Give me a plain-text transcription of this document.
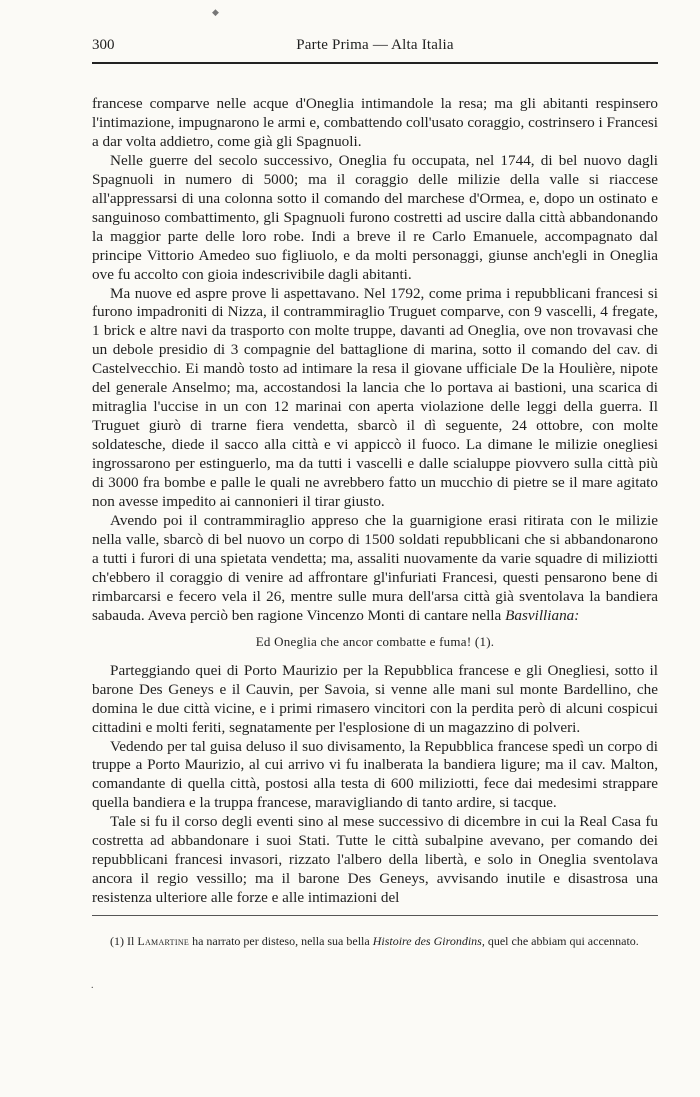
◆
300	Parte Prima — Alta Italia

francese comparve nelle acque d'Oneglia intimandole la resa; ma gli abitanti respinsero l'intimazione, impugnarono le armi e, combattendo coll'usato coraggio, costrinsero i Francesi a dar volta addietro, come già gli Spagnuoli.

Nelle guerre del secolo successivo, Oneglia fu occupata, nel 1744, di bel nuovo dagli Spagnuoli in numero di 5000; ma il coraggio delle milizie della valle si riaccese all'appressarsi di una colonna sotto il comando del marchese d'Ormea, e, dopo un ostinato e sanguinoso combattimento, gli Spagnuoli furono costretti ad uscire dalla città abbandonando la maggior parte delle loro robe. Indi a breve il re Carlo Emanuele, accompagnato dal principe Vittorio Amedeo suo figliuolo, e da molti personaggi, giunse anch'egli in Oneglia ove fu accolto con gioia indescrivibile dagli abitanti.

Ma nuove ed aspre prove li aspettavano. Nel 1792, come prima i repubblicani francesi si furono impadroniti di Nizza, il contrammiraglio Truguet comparve, con 9 vascelli, 4 fregate, 1 brick e altre navi da trasporto con molte truppe, davanti ad Oneglia, ove non trovavasi che un debole presidio di 3 compagnie del battaglione di marina, sotto il comando del cav. di Castelvecchio. Ei mandò tosto ad intimare la resa il giovane ufficiale De la Houlière, nipote del generale Anselmo; ma, accostandosi la lancia che lo portava ai bastioni, una scarica di mitraglia l'uccise in un con 12 marinai con aperta violazione delle leggi della guerra. Il Truguet giurò di trarne fiera vendetta, sbarcò il dì seguente, 24 ottobre, con molte soldatesche, diede il sacco alla città e vi appiccò il fuoco. La dimane le milizie onegliesi ingrossarono per estinguerlo, ma da tutti i vascelli e dalle scialuppe piovvero sulla città più di 3000 fra bombe e palle le quali ne avrebbero fatto un mucchio di pietre se il mare agitato non avesse impedito ai cannonieri il tirar giusto.

Avendo poi il contrammiraglio appreso che la guarnigione erasi ritirata con le milizie nella valle, sbarcò di bel nuovo un corpo di 1500 soldati repubblicani che si abbandonarono a tutti i furori di una spietata vendetta; ma, assaliti nuovamente da varie squadre di miliziotti ch'ebbero il coraggio di venire ad affrontare gl'infuriati Francesi, questi pensarono bene di rimbarcarsi e fecero vela il 26, mentre sulle mura dell'arsa città già sventolava la bandiera sabauda. Aveva perciò ben ragione Vincenzo Monti di cantare nella Basvilliana:

Ed Oneglia che ancor combatte e fuma! (1).

Parteggiando quei di Porto Maurizio per la Repubblica francese e gli Onegliesi, sotto il barone Des Geneys e il Cauvin, per Savoia, si venne alle mani sul monte Bardellino, che domina le due città vicine, e i primi rimasero vincitori con la perdita però di alcuni cospicui cittadini e molti feriti, segnatamente per l'esplosione di un magazzino di polveri.

Vedendo per tal guisa deluso il suo divisamento, la Repubblica francese spedì un corpo di truppe a Porto Maurizio, al cui arrivo vi fu inalberata la bandiera ligure; ma il cav. Malton, comandante di quella città, postosi alla testa di 600 miliziotti, fece dai medesimi strappare quella bandiera e la truppa francese, maravigliando di tanto ardire, si tacque.

Tale si fu il corso degli eventi sino al mese successivo di dicembre in cui la Real Casa fu costretta ad abbandonare i suoi Stati. Tutte le città subalpine avevano, per comando dei repubblicani francesi invasori, rizzato l'albero della libertà, e solo in Oneglia sventolava ancora il regio vessillo; ma il barone Des Geneys, avvisando inutile e disastrosa una resistenza ulteriore alle forze e alle intimazioni del

(1) Il Lamartine ha narrato per disteso, nella sua bella Histoire des Girondins, quel che abbiam qui accennato.
.
